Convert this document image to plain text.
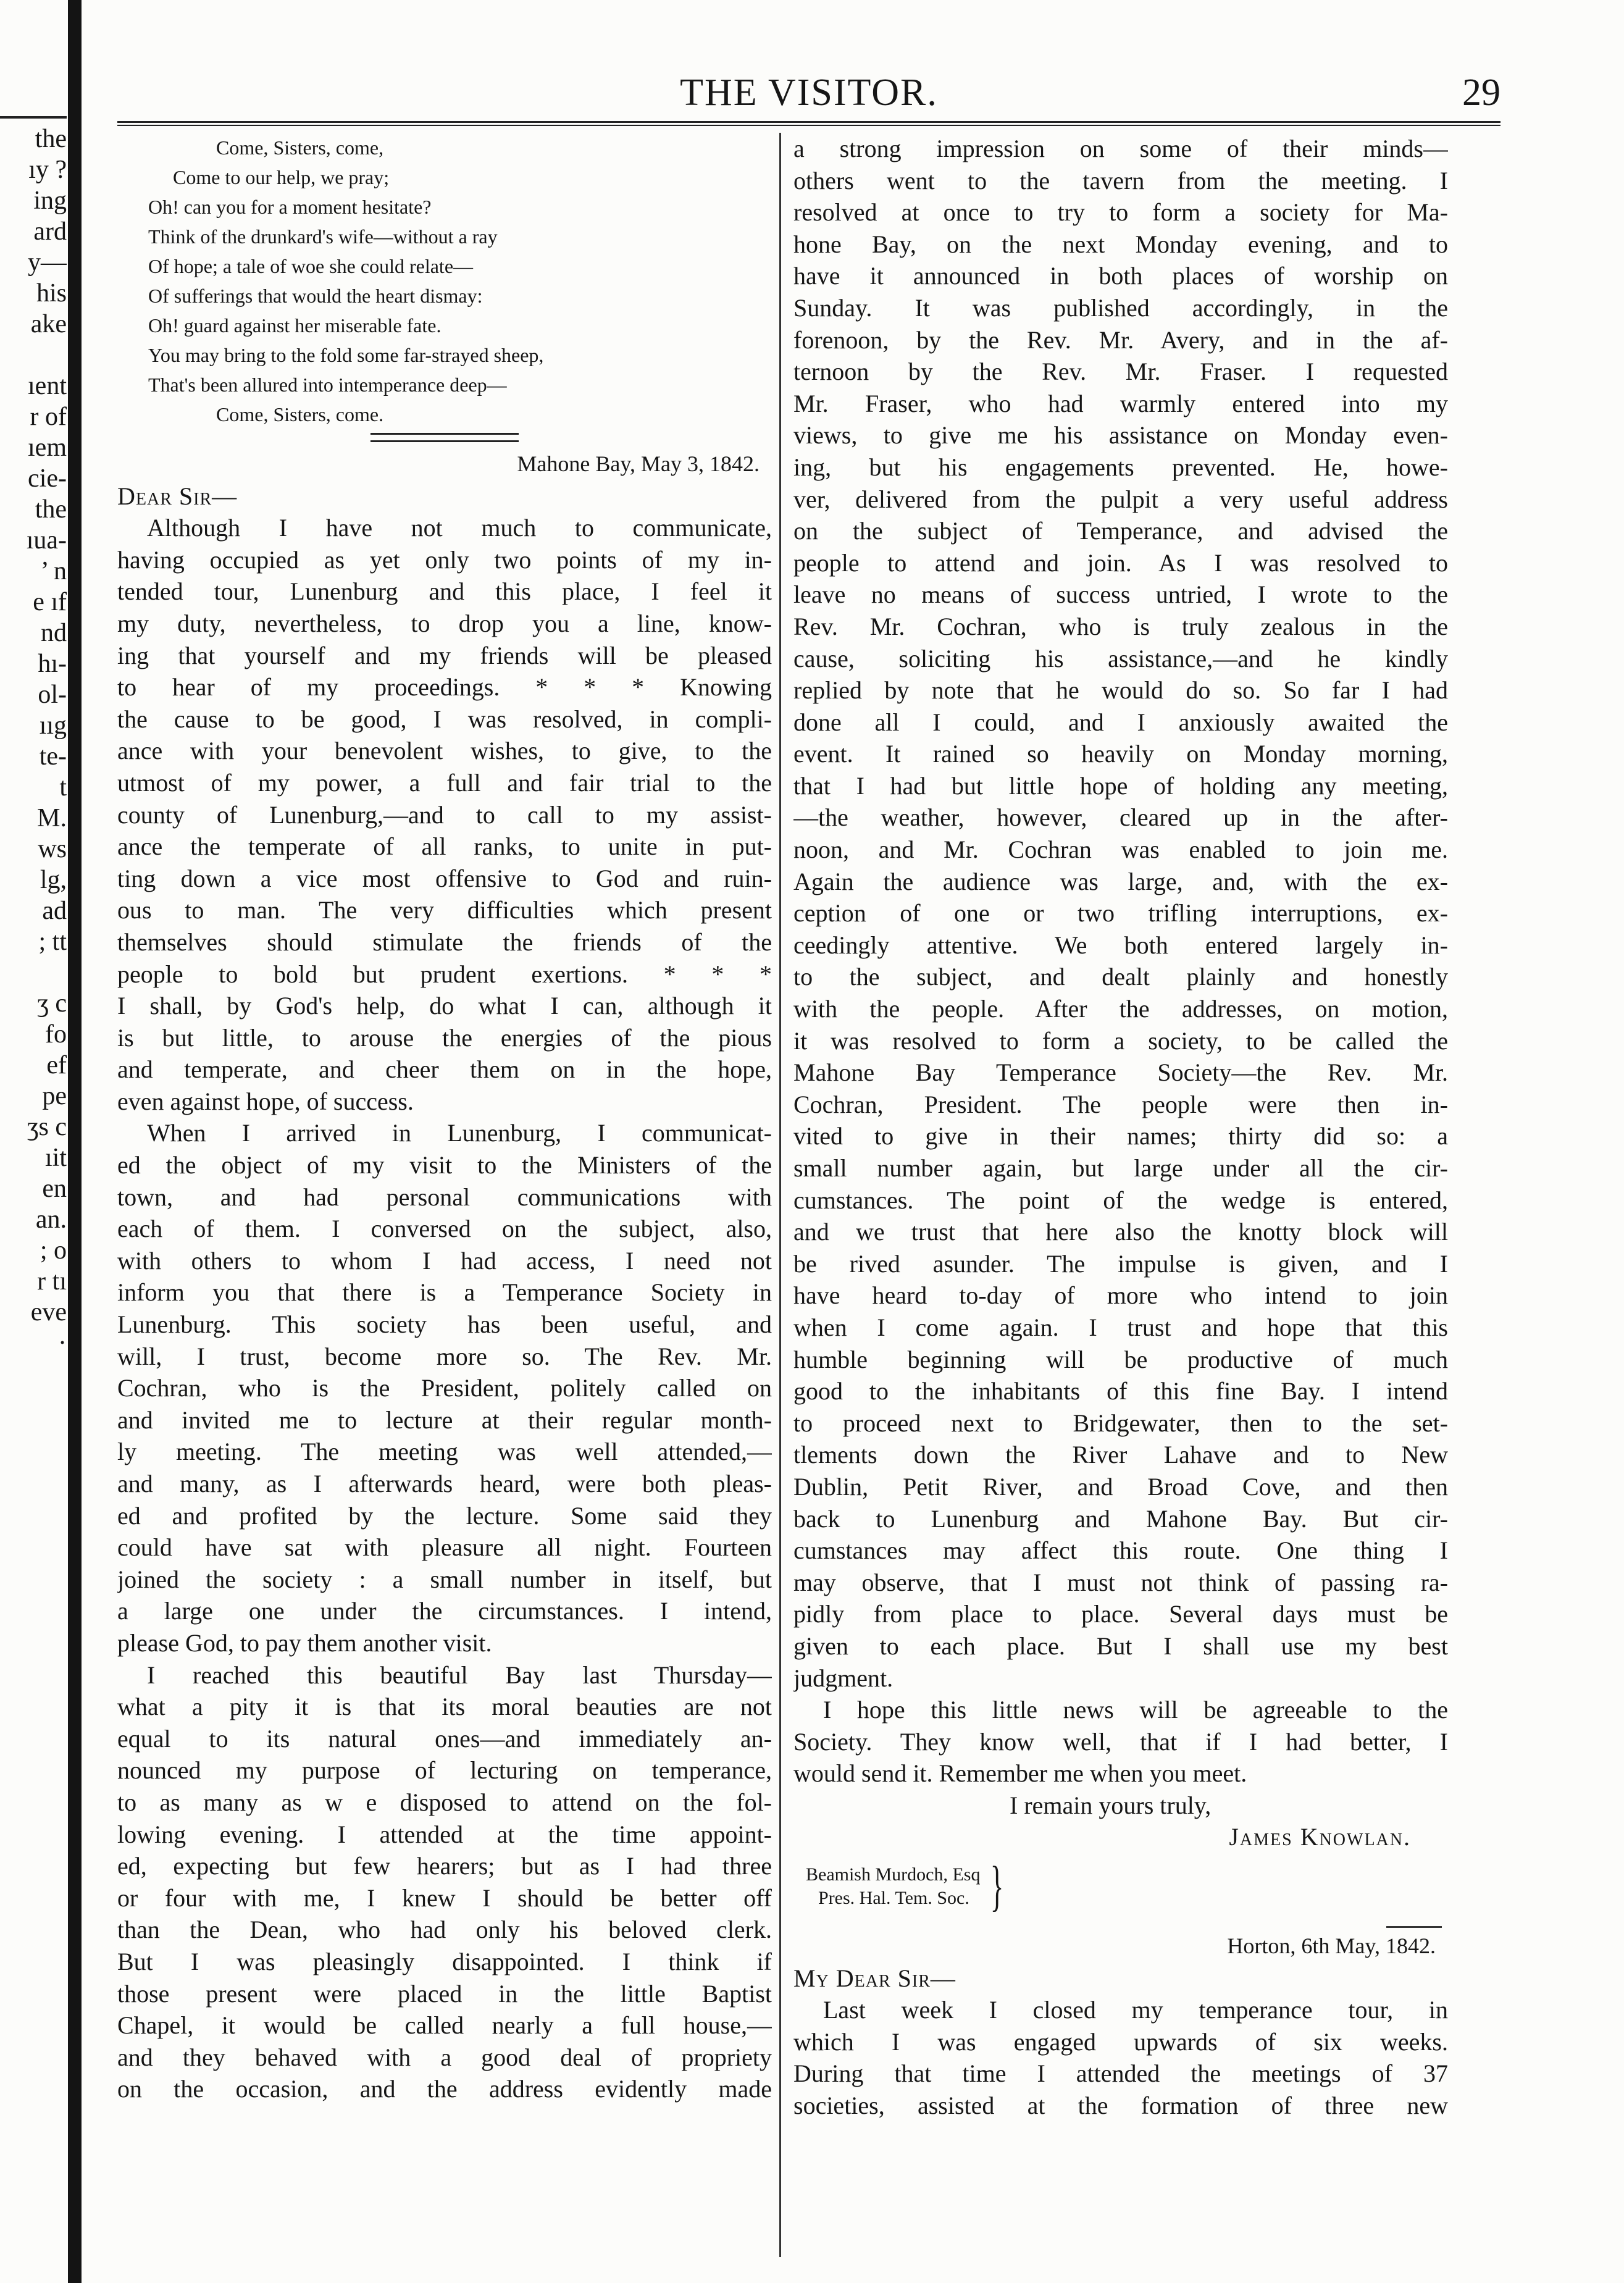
the
ıy ?
ing
ard
y—
his
ake
ıent
r of
ıem
cie-
the
ıua-
’ n
e ıf
nd
hı-
ol-
ııg
te-
t
M.
ws
lg,
ad
; tt
ʒ c
fo
ef
pe
ʒs c
ıit
en
an.
; o
r tı
eve
·
THE VISITOR.	29
Come, Sisters, come,
Come to our help, we pray;
Oh! can you for a moment hesitate?
Think of the drunkard's wife—without a ray
Of hope; a tale of woe she could relate—
Of sufferings that would the heart dismay:
Oh! guard against her miserable fate.
You may bring to the fold some far-strayed sheep,
That's been allured into intemperance deep—
Come, Sisters, come.
Mahone Bay, May 3, 1842.
Dear Sir—
Although I have not much to communicate,
having occupied as yet only two points of my in-
tended tour, Lunenburg and this place, I feel it
my duty, nevertheless, to drop you a line, know-
ing that yourself and my friends will be pleased
to hear of my proceedings. * * * Knowing
the cause to be good, I was resolved, in compli-
ance with your benevolent wishes, to give, to the
utmost of my power, a full and fair trial to the
county of Lunenburg,—and to call to my assist-
ance the temperate of all ranks, to unite in put-
ting down a vice most offensive to God and ruin-
ous to man. The very difficulties which present
themselves should stimulate the friends of the
people to bold but prudent exertions. * * *
I shall, by God's help, do what I can, although it
is but little, to arouse the energies of the pious
and temperate, and cheer them on in the hope,
even against hope, of success.
When I arrived in Lunenburg, I communicat-
ed the object of my visit to the Ministers of the
town, and had personal communications with
each of them. I conversed on the subject, also,
with others to whom I had access, I need not
inform you that there is a Temperance Society in
Lunenburg. This society has been useful, and
will, I trust, become more so. The Rev. Mr.
Cochran, who is the President, politely called on
and invited me to lecture at their regular month-
ly meeting. The meeting was well attended,—
and many, as I afterwards heard, were both pleas-
ed and profited by the lecture. Some said they
could have sat with pleasure all night. Fourteen
joined the society : a small number in itself, but
a large one under the circumstances. I intend,
please God, to pay them another visit.
I reached this beautiful Bay last Thursday—
what a pity it is that its moral beauties are not
equal to its natural ones—and immediately an-
nounced my purpose of lecturing on temperance,
to as many as w e disposed to attend on the fol-
lowing evening. I attended at the time appoint-
ed, expecting but few hearers; but as I had three
or four with me, I knew I should be better off
than the Dean, who had only his beloved clerk.
But I was pleasingly disappointed. I think if
those present were placed in the little Baptist
Chapel, it would be called nearly a full house,—
and they behaved with a good deal of propriety
on the occasion, and the address evidently made
a strong impression on some of their minds—
others went to the tavern from the meeting. I
resolved at once to try to form a society for Ma-
hone Bay, on the next Monday evening, and to
have it announced in both places of worship on
Sunday. It was published accordingly, in the
forenoon, by the Rev. Mr. Avery, and in the af-
ternoon by the Rev. Mr. Fraser. I requested
Mr. Fraser, who had warmly entered into my
views, to give me his assistance on Monday even-
ing, but his engagements prevented. He, howe-
ver, delivered from the pulpit a very useful address
on the subject of Temperance, and advised the
people to attend and join. As I was resolved to
leave no means of success untried, I wrote to the
Rev. Mr. Cochran, who is truly zealous in the
cause, soliciting his assistance,—and he kindly
replied by note that he would do so. So far I had
done all I could, and I anxiously awaited the
event. It rained so heavily on Monday morning,
that I had but little hope of holding any meeting,
—the weather, however, cleared up in the after-
noon, and Mr. Cochran was enabled to join me.
Again the audience was large, and, with the ex-
ception of one or two trifling interruptions, ex-
ceedingly attentive. We both entered largely in-
to the subject, and dealt plainly and honestly
with the people. After the addresses, on motion,
it was resolved to form a society, to be called the
Mahone Bay Temperance Society—the Rev. Mr.
Cochran, President. The people were then in-
vited to give in their names; thirty did so: a
small number again, but large under all the cir-
cumstances. The point of the wedge is entered,
and we trust that here also the knotty block will
be rived asunder. The impulse is given, and I
have heard to-day of more who intend to join
when I come again. I trust and hope that this
humble beginning will be productive of much
good to the inhabitants of this fine Bay. I intend
to proceed next to Bridgewater, then to the set-
tlements down the River Lahave and to New
Dublin, Petit River, and Broad Cove, and then
back to Lunenburg and Mahone Bay. But cir-
cumstances may affect this route. One thing I
may observe, that I must not think of passing ra-
pidly from place to place. Several days must be
given to each place. But I shall use my best
judgment.
I hope this little news will be agreeable to the
Society. They know well, that if I had better, I
would send it. Remember me when you meet.
I remain yours truly,
James Knowlan.
Beamish Murdoch, Esq
Pres. Hal. Tem. Soc. }
Horton, 6th May, 1842.
My Dear Sir—
Last week I closed my temperance tour, in
which I was engaged upwards of six weeks.
During that time I attended the meetings of 37
societies, assisted at the formation of three new
